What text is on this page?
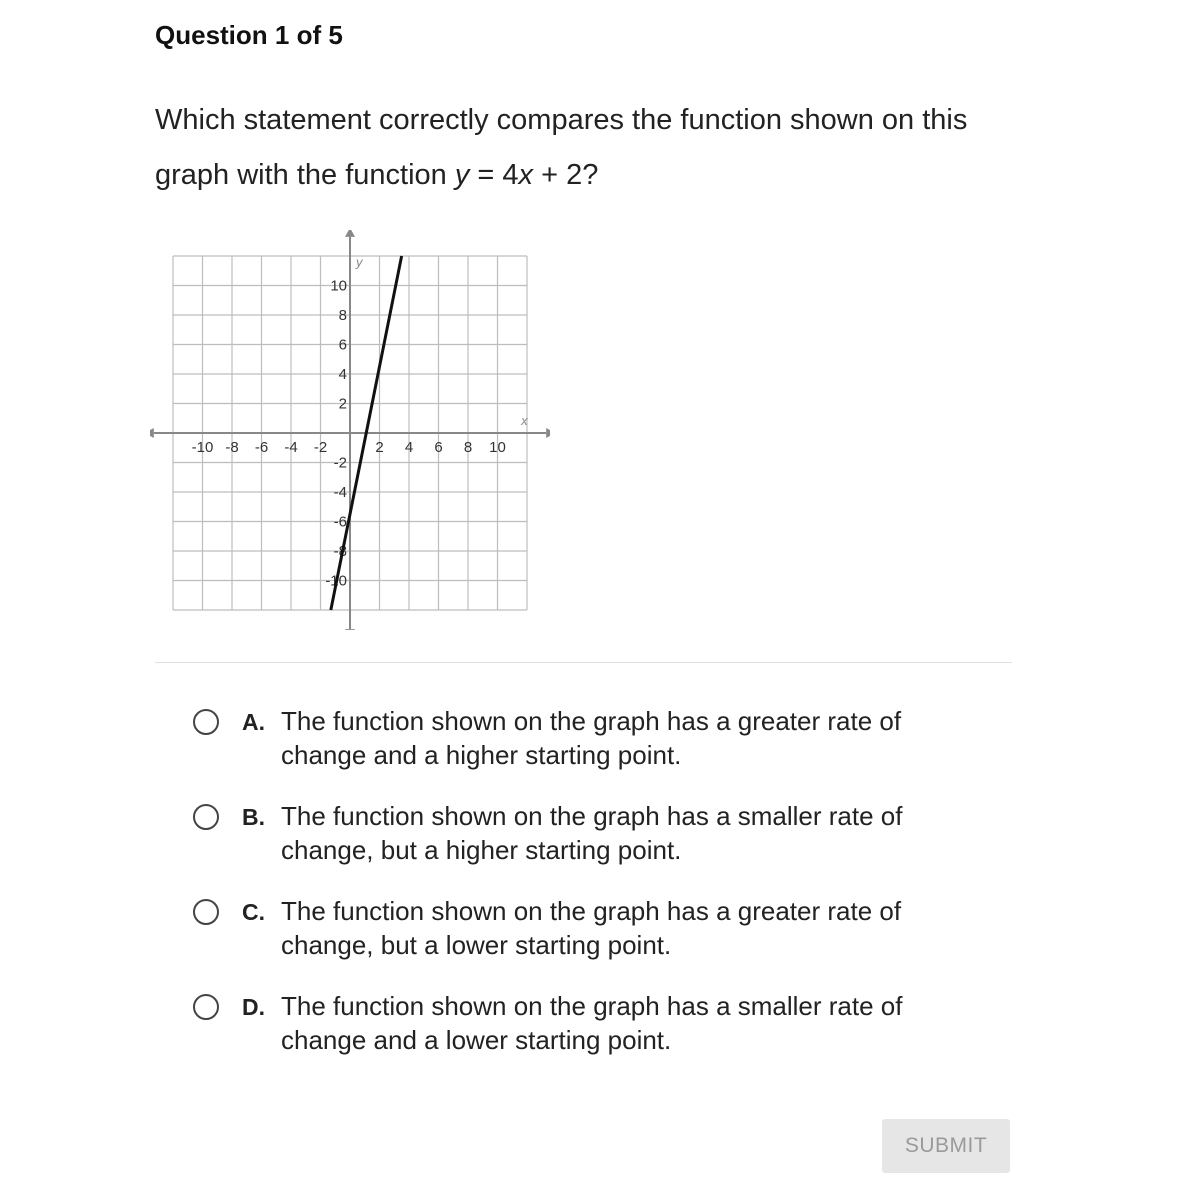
Question 1 of 5
Which statement correctly compares the function shown on this graph with the function y = 4x + 2?
x
y
-10 -8 -6 -4 -2	2 4 6 8 10
10
8
6
4
2
-2
-4
-6
-8
-10
A. The function shown on the graph has a greater rate of change and a higher starting point.
B. The function shown on the graph has a smaller rate of change, but a higher starting point.
C. The function shown on the graph has a greater rate of change, but a lower starting point.
D. The function shown on the graph has a smaller rate of change and a lower starting point.
SUBMIT
